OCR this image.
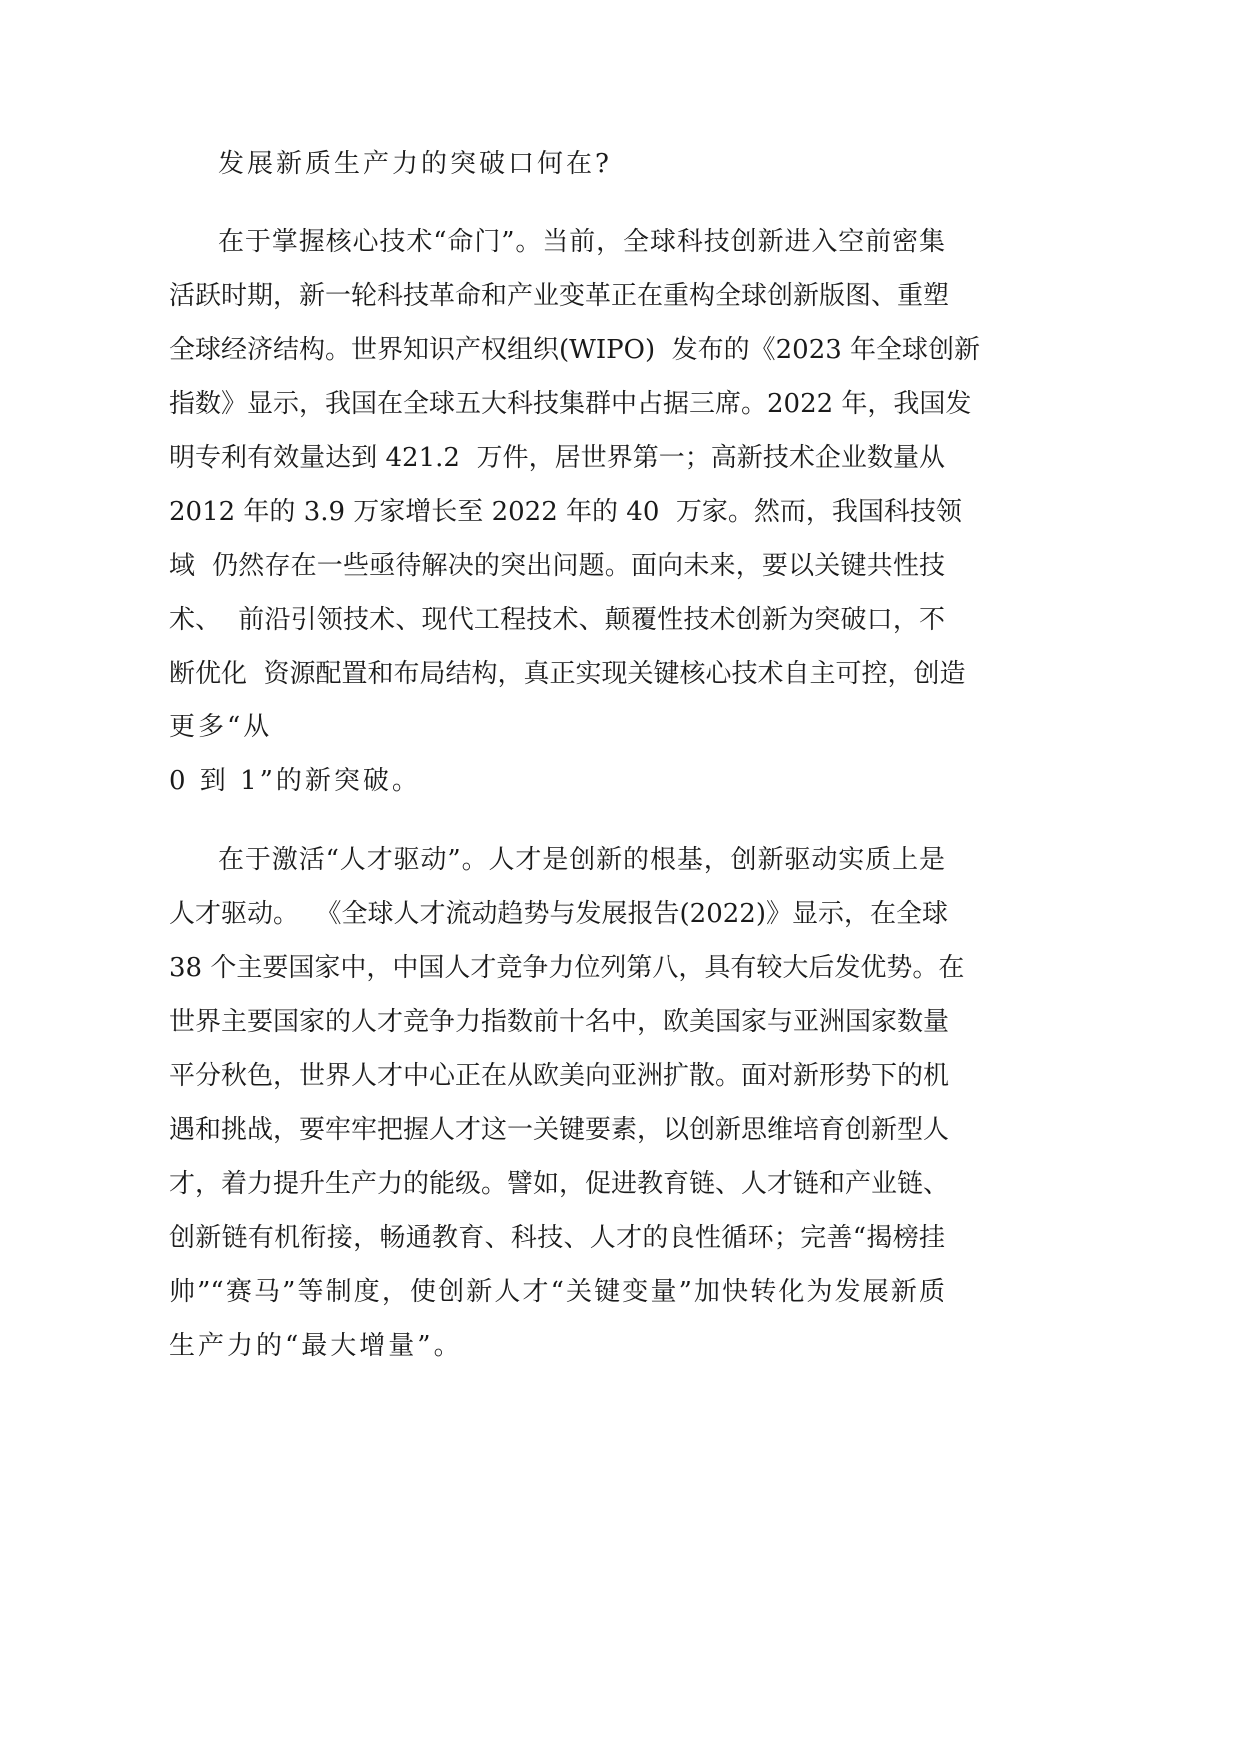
发展新质生产力的突破口何在?

在于掌握核心技术“命门”。当前，全球科技创新进入空前密集

活跃时期，新一轮科技革命和产业变革正在重构全球创新版图、重塑

全球经济结构。世界知识产权组织(WIPO)  发布的《2023 年全球创新

指数》显示，我国在全球五大科技集群中占据三席。2022 年，我国发

明专利有效量达到 421.2  万件，居世界第一；高新技术企业数量从

2012 年的 3.9 万家增长至 2022 年的 40  万家。然而，我国科技领

域  仍然存在一些亟待解决的突出问题。面向未来，要以关键共性技

术、  前沿引领技术、现代工程技术、颠覆性技术创新为突破口，不

断优化  资源配置和布局结构，真正实现关键核心技术自主可控，创造

更多“从

0 到 1”的新突破。

在于激活“人才驱动”。人才是创新的根基，创新驱动实质上是

人才驱动。  《全球人才流动趋势与发展报告(2022)》显示，在全球

38 个主要国家中，中国人才竞争力位列第八，具有较大后发优势。在

世界主要国家的人才竞争力指数前十名中，欧美国家与亚洲国家数量

平分秋色，世界人才中心正在从欧美向亚洲扩散。面对新形势下的机

遇和挑战，要牢牢把握人才这一关键要素，以创新思维培育创新型人

才，着力提升生产力的能级。譬如，促进教育链、人才链和产业链、

创新链有机衔接，畅通教育、科技、人才的良性循环；完善“揭榜挂

帅”“赛马”等制度，使创新人才“关键变量”加快转化为发展新质

生产力的“最大增量”。
